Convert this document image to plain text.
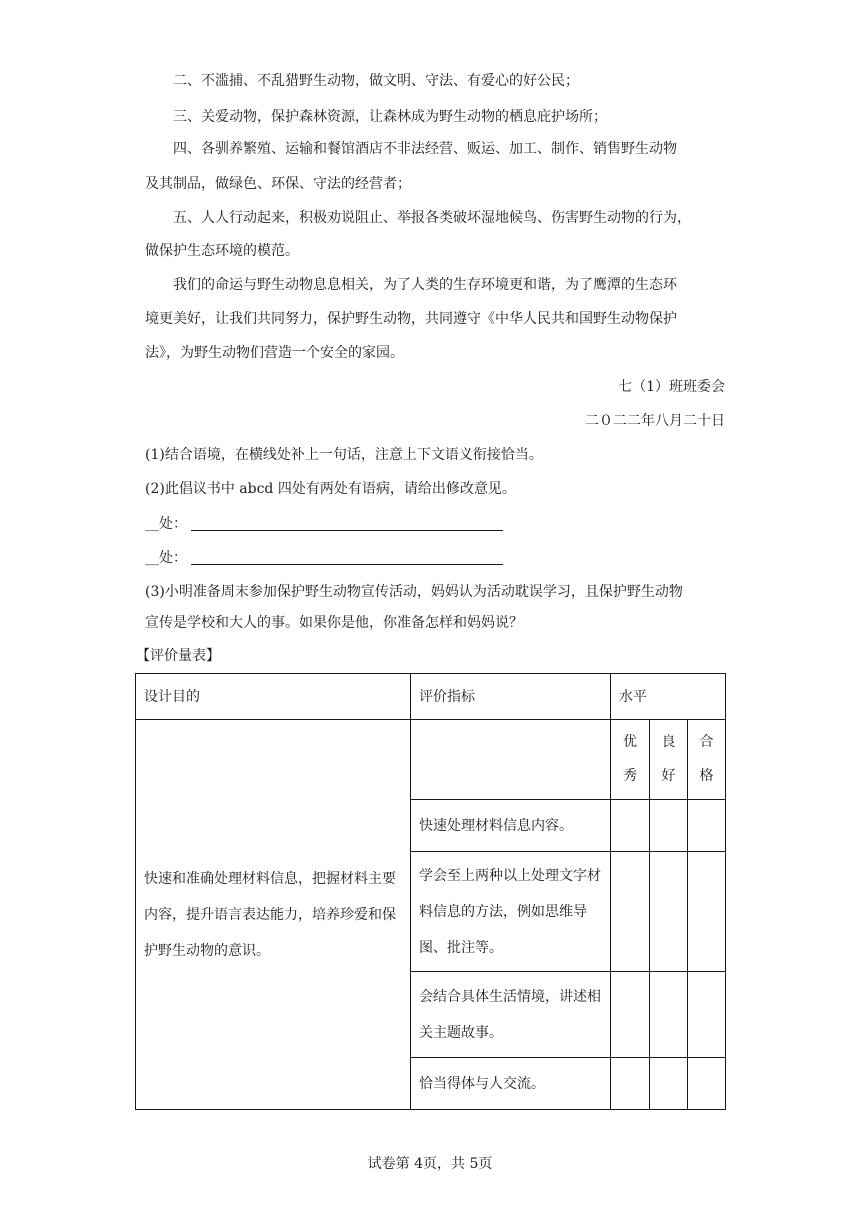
二、不滥捕、不乱猎野生动物，做文明、守法、有爱心的好公民；
三、关爱动物，保护森林资源，让森林成为野生动物的栖息庇护场所；
四、各驯养繁殖、运输和餐馆酒店不非法经营、贩运、加工、制作、销售野生动物
及其制品，做绿色、环保、守法的经营者；
五、人人行动起来，积极劝说阻止、举报各类破坏湿地候鸟、伤害野生动物的行为，
做保护生态环境的模范。
我们的命运与野生动物息息相关，为了人类的生存环境更和谐，为了鹰潭的生态环
境更美好，让我们共同努力，保护野生动物，共同遵守《中华人民共和国野生动物保护
法》，为野生动物们营造一个安全的家园。
七（1）班班委会
二０二二年八月二十日
(1)结合语境，在横线处补上一句话，注意上下文语义衔接恰当。
(2)此倡议书中 abcd 四处有两处有语病，请给出修改意见。
__处：
__处：
(3)小明准备周末参加保护野生动物宣传活动，妈妈认为活动耽误学习，且保护野生动物
宣传是学校和大人的事。如果你是他，你准备怎样和妈妈说？
【评价量表】
设计目的	评价指标	水平		
快速和准确处理材料信息，把握材料主要内容，提升语言表达能力，培养珍爱和保护野生动物的意识。		优秀	良好	合格
	快速处理材料信息内容。			
	学会至上两种以上处理文字材料信息的方法，例如思维导图、批注等。			
	会结合具体生活情境，讲述相关主题故事。			
	恰当得体与人交流。			
试卷第 4页，共 5页
